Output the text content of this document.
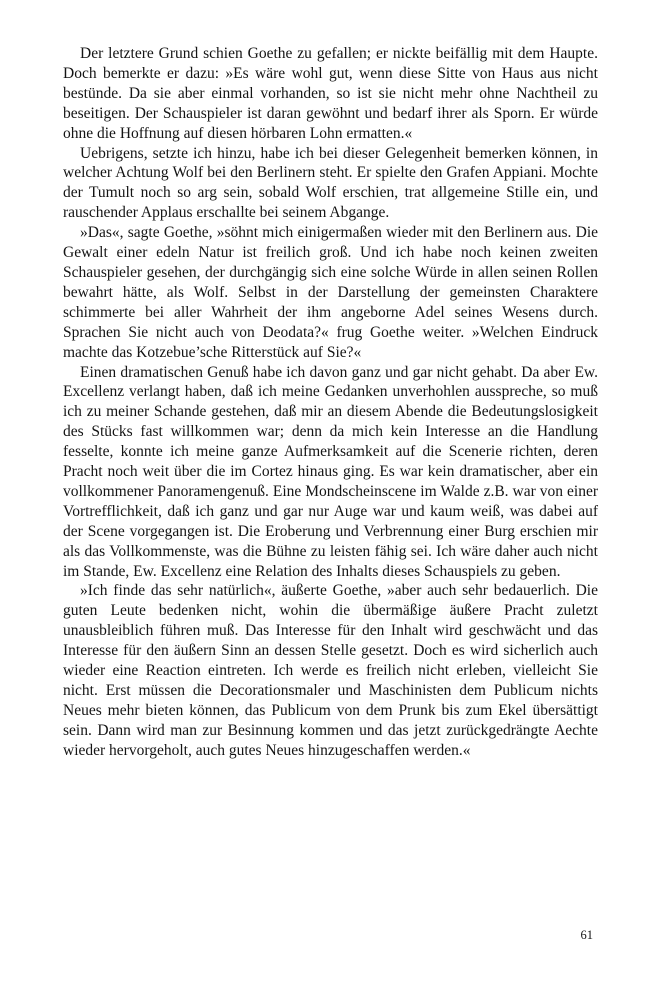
Der letztere Grund schien Goethe zu gefallen; er nickte beifällig mit dem Haupte. Doch bemerkte er dazu: »Es wäre wohl gut, wenn diese Sitte von Haus aus nicht bestünde. Da sie aber einmal vorhanden, so ist sie nicht mehr ohne Nachtheil zu beseitigen. Der Schauspieler ist daran gewöhnt und bedarf ihrer als Sporn. Er würde ohne die Hoffnung auf diesen hörbaren Lohn ermatten.«

Uebrigens, setzte ich hinzu, habe ich bei dieser Gelegenheit bemerken können, in welcher Achtung Wolf bei den Berlinern steht. Er spielte den Grafen Appiani. Mochte der Tumult noch so arg sein, sobald Wolf erschien, trat allgemeine Stille ein, und rauschender Applaus erschallte bei seinem Abgange.

»Das«, sagte Goethe, »söhnt mich einigermaßen wieder mit den Berlinern aus. Die Gewalt einer edeln Natur ist freilich groß. Und ich habe noch keinen zweiten Schauspieler gesehen, der durchgängig sich eine solche Würde in allen seinen Rollen bewahrt hätte, als Wolf. Selbst in der Darstellung der gemeinsten Charaktere schimmerte bei aller Wahrheit der ihm angeborne Adel seines Wesens durch. Sprachen Sie nicht auch von Deodata?« frug Goethe weiter. »Welchen Eindruck machte das Kotzebue’sche Ritterstück auf Sie?«

Einen dramatischen Genuß habe ich davon ganz und gar nicht gehabt. Da aber Ew. Excellenz verlangt haben, daß ich meine Gedanken unverhohlen ausspreche, so muß ich zu meiner Schande gestehen, daß mir an diesem Abende die Bedeutungslosigkeit des Stücks fast willkommen war; denn da mich kein Interesse an die Handlung fesselte, konnte ich meine ganze Aufmerksamkeit auf die Scenerie richten, deren Pracht noch weit über die im Cortez hinaus ging. Es war kein dramatischer, aber ein vollkommener Panoramengenuß. Eine Mondscheinscene im Walde z.B. war von einer Vortrefflichkeit, daß ich ganz und gar nur Auge war und kaum weiß, was dabei auf der Scene vorgegangen ist. Die Eroberung und Verbrennung einer Burg erschien mir als das Vollkommenste, was die Bühne zu leisten fähig sei. Ich wäre daher auch nicht im Stande, Ew. Excellenz eine Relation des Inhalts dieses Schauspiels zu geben.

»Ich finde das sehr natürlich«, äußerte Goethe, »aber auch sehr bedauerlich. Die guten Leute bedenken nicht, wohin die übermäßige äußere Pracht zuletzt unausbleiblich führen muß. Das Interesse für den Inhalt wird geschwächt und das Interesse für den äußern Sinn an dessen Stelle gesetzt. Doch es wird sicherlich auch wieder eine Reaction eintreten. Ich werde es freilich nicht erleben, vielleicht Sie nicht. Erst müssen die Decorationsmaler und Maschinisten dem Publicum nichts Neues mehr bieten können, das Publicum von dem Prunk bis zum Ekel übersättigt sein. Dann wird man zur Besinnung kommen und das jetzt zurückgedrängte Aechte wieder hervorgeholt, auch gutes Neues hinzugeschaffen werden.«

61
